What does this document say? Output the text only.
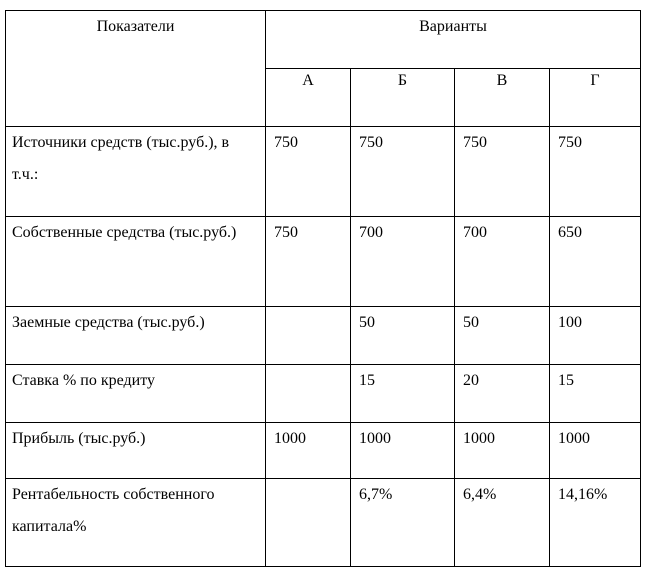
Показатели	Варианты			
	А	Б	В	Г
Источники средств (тыс.руб.), в т.ч.:	750	750	750	750
Собственные средства (тыс.руб.)	750	700	700	650
Заемные средства (тыс.руб.)		50	50	100
Ставка % по кредиту		15	20	15
Прибыль (тыс.руб.)	1000	1000	1000	1000
Рентабельность собственного капитала%		6,7%	6,4%	14,16%
